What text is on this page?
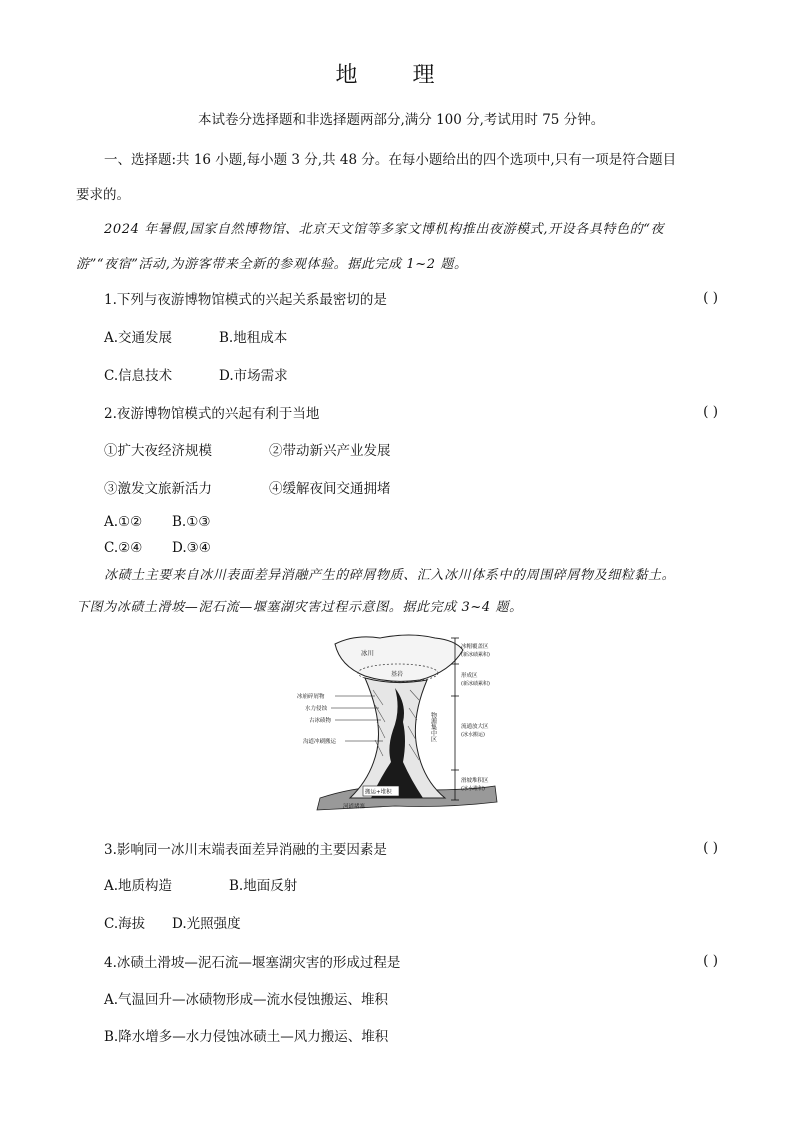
地 理
本试卷分选择题和非选择题两部分,满分 100 分,考试用时 75 分钟。
一、选择题:共 16 小题,每小题 3 分,共 48 分。在每小题给出的四个选项中,只有一项是符合题目
要求的。
2024 年暑假,国家自然博物馆、北京天文馆等多家文博机构推出夜游模式,开设各具特色的“夜
游”“夜宿”活动,为游客带来全新的参观体验。据此完成 1~2 题。
1.下列与夜游博物馆模式的兴起关系最密切的是	( )
A.交通发展	B.地租成本
C.信息技术	D.市场需求
2.夜游博物馆模式的兴起有利于当地	( )
①扩大夜经济规模	②带动新兴产业发展
③激发文旅新活力	④缓解夜间交通拥堵
A.①② B.①③
C.②④ D.③④
冰碛土主要来自冰川表面差异消融产生的碎屑物质、汇入冰川体系中的周围碎屑物及细粒黏土。
下图为冰碛土滑坡—泥石流—堰塞湖灾害过程示意图。据此完成 3~4 题。
冰川
基岩
冰崩碎屑物
水力侵蚀
古冰碛物
沟道冲刷搬运
搬运+堆积
河道堵塞
物源集中区
冰帽覆盖区
(新冰碛累积)
形成区
(新冰碛累积)
流通放大区
(冰水搬运)
滑坡堆积区
(冰水堆积)
3.影响同一冰川末端表面差异消融的主要因素是	( )
A.地质构造	B.地面反射
C.海拔 D.光照强度
4.冰碛土滑坡—泥石流—堰塞湖灾害的形成过程是	( )
A.气温回升—冰碛物形成—流水侵蚀搬运、堆积
B.降水增多—水力侵蚀冰碛土—风力搬运、堆积
